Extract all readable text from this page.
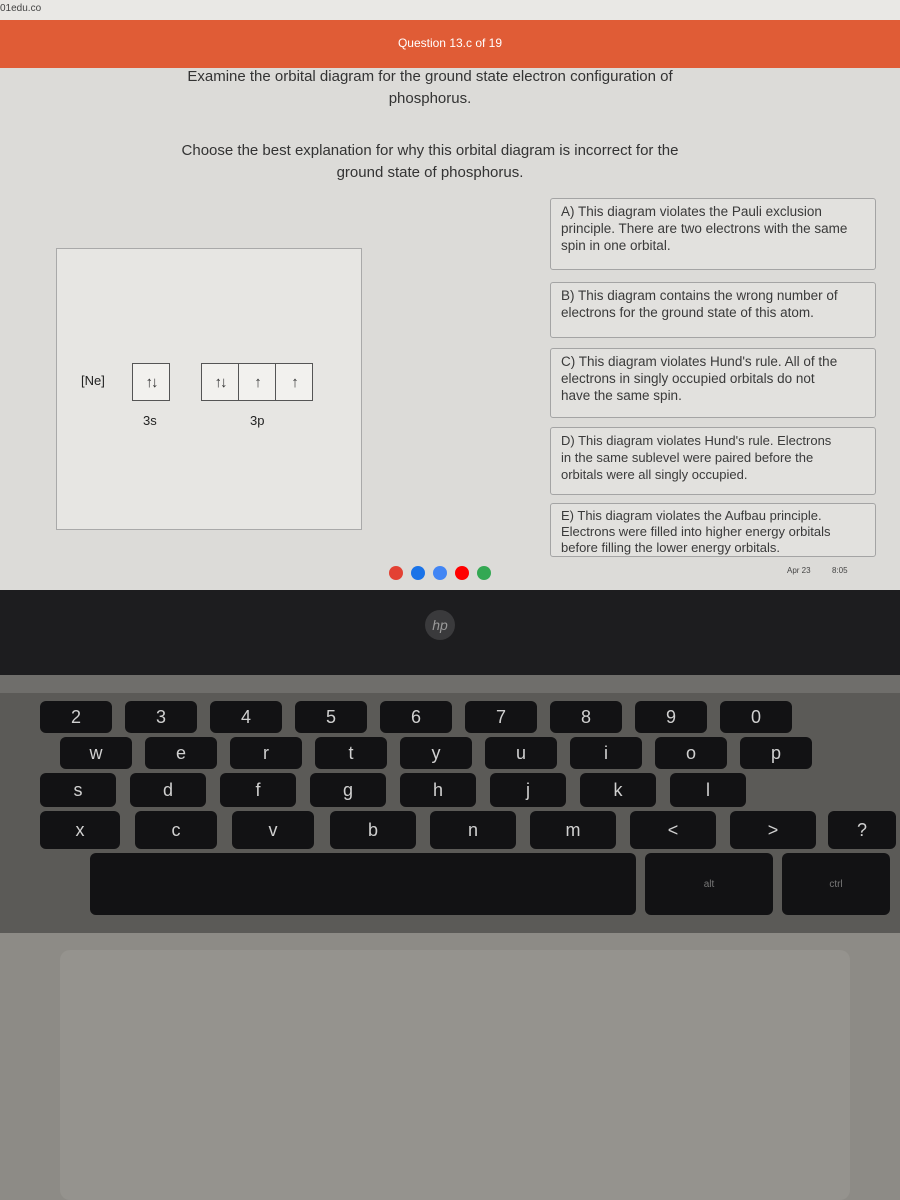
01edu.co
Question 13.c of 19
Examine the orbital diagram for the ground state electron configuration of
phosphorus.
Choose the best explanation for why this orbital diagram is incorrect for the
ground state of phosphorus.
[Ne]	↑↓	↑↓	↑	↑
3s	3p
A) This diagram violates the Pauli exclusion
principle. There are two electrons with the same
spin in one orbital.
B) This diagram contains the wrong number of
electrons for the ground state of this atom.
C) This diagram violates Hund's rule. All of the
electrons in singly occupied orbitals do not
have the same spin.
D) This diagram violates Hund's rule. Electrons
in the same sublevel were paired before the
orbitals were all singly occupied.
E) This diagram violates the Aufbau principle.
Electrons were filled into higher energy orbitals
before filling the lower energy orbitals.
Apr 23	8:05
hp
2	3	4	5	6	7	8	9	0
w	e	r	t	y	u	i	o	p
s	d	f	g	h	j	k	l
x	c	v	b	n	m	<	>	?
alt	ctrl
